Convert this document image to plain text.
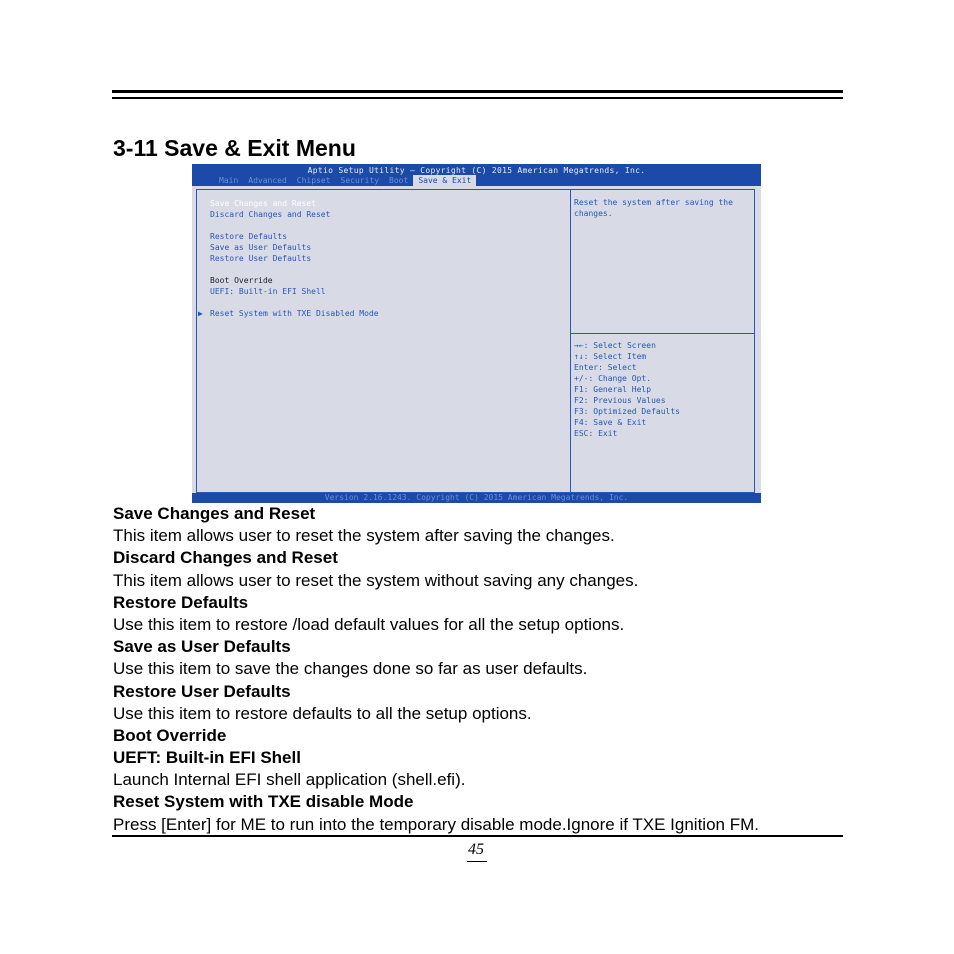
3-11 Save & Exit Menu
Aptio Setup Utility – Copyright (C) 2015 American Megatrends, Inc.
Main	Advanced	Chipset	Security	Boot	Save & Exit
Save Changes and Reset
Discard Changes and Reset
Restore Defaults
Save as User Defaults
Restore User Defaults
Boot Override
UEFI: Built-in EFI Shell
▶ Reset System with TXE Disabled Mode
Reset the system after saving the changes.
→←: Select Screen
↑↓: Select Item
Enter: Select
+/-: Change Opt.
F1: General Help
F2: Previous Values
F3: Optimized Defaults
F4: Save & Exit
ESC: Exit
Version 2.16.1243. Copyright (C) 2015 American Megatrends, Inc.
Save Changes and Reset
This item allows user to reset the system after saving the changes.
Discard Changes and Reset
This item allows user to reset the system without saving any changes.
Restore Defaults
Use this item to restore /load default values for all the setup options.
Save as User Defaults
Use this item to save the changes done so far as user defaults.
Restore User Defaults
Use this item to restore defaults to all the setup options.
Boot Override
UEFT: Built-in EFI Shell
Launch Internal EFI shell application (shell.efi).
Reset System with TXE disable Mode
Press [Enter] for ME to run into the temporary disable mode.Ignore if TXE Ignition FM.
45
